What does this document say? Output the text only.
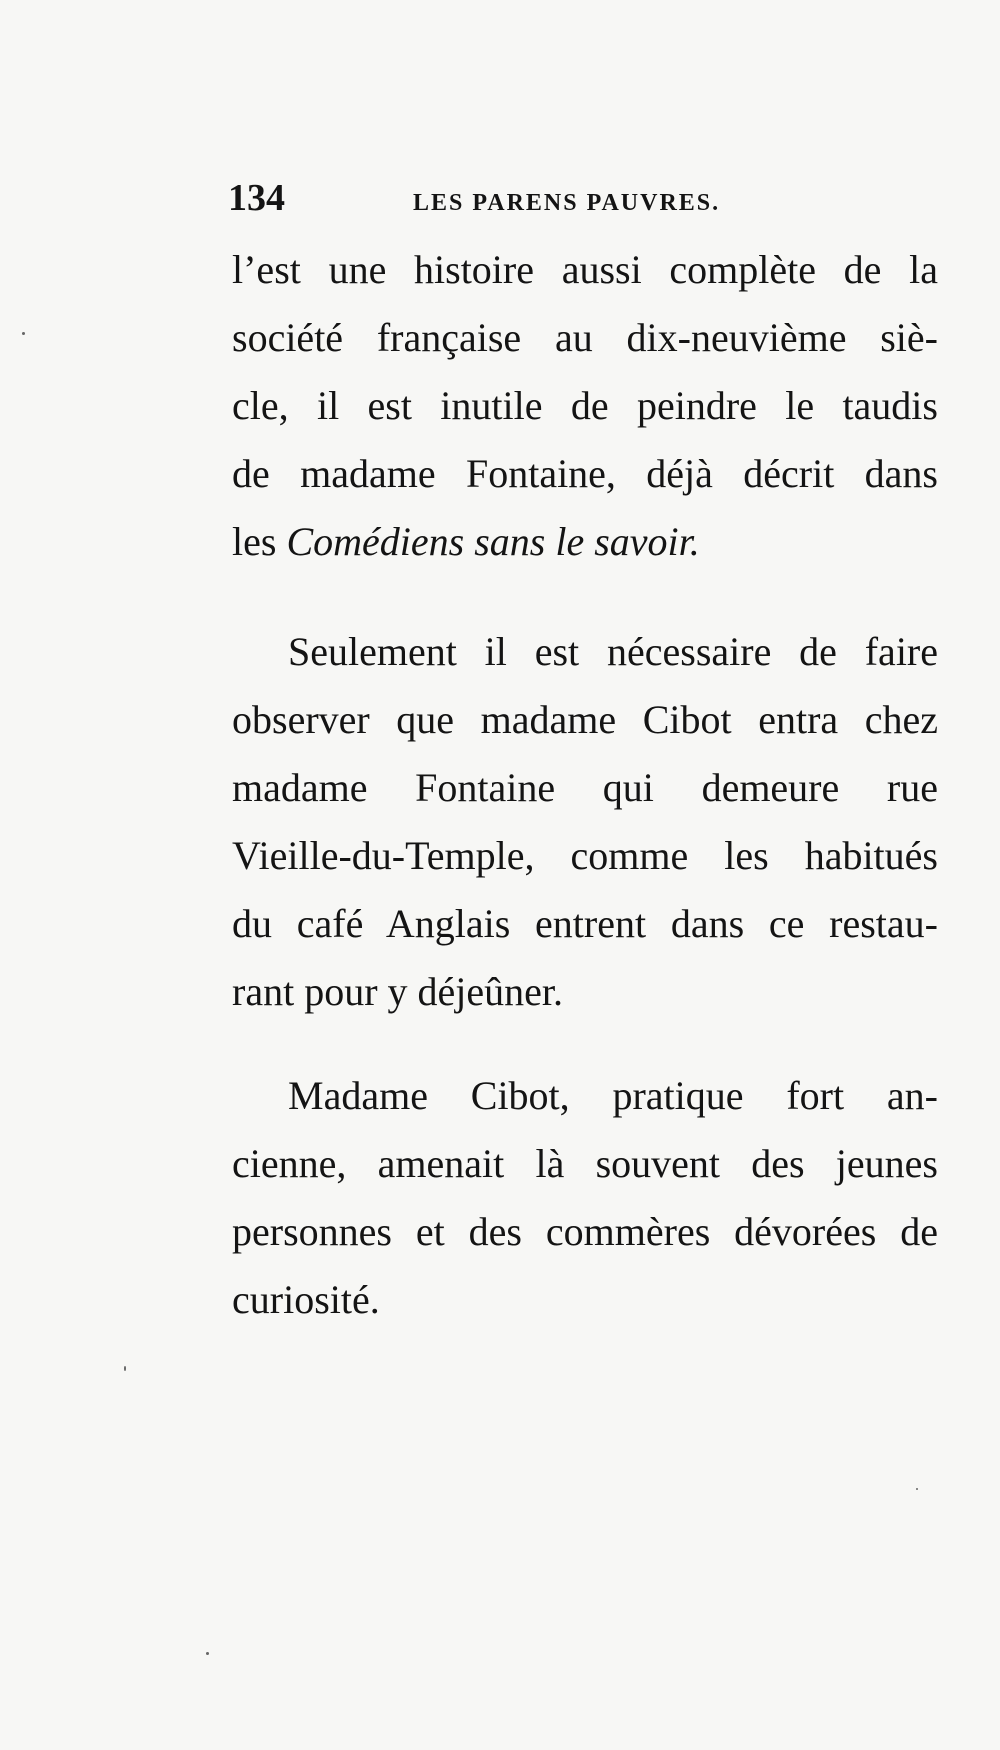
134	LES PARENS PAUVRES.
l’est une histoire aussi complète de la
société française au dix-neuvième siè-
cle, il est inutile de peindre le taudis
de madame Fontaine, déjà décrit dans
les Comédiens sans le savoir.
Seulement il est nécessaire de faire
observer que madame Cibot entra chez
madame Fontaine qui demeure rue
Vieille-du-Temple, comme les habitués
du café Anglais entrent dans ce restau-
rant pour y déjeûner.
Madame Cibot, pratique fort an-
cienne, amenait là souvent des jeunes
personnes et des commères dévorées de
curiosité.
